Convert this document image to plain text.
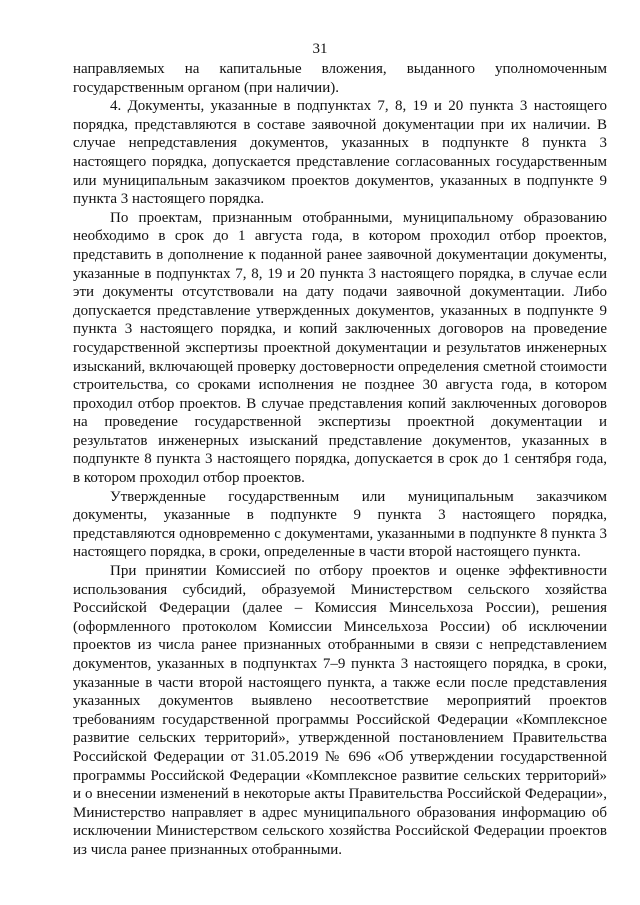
31

направляемых на капитальные вложения, выданного уполномоченным государственным органом (при наличии).

4. Документы, указанные в подпунктах 7, 8, 19 и 20 пункта 3 настоящего порядка, представляются в составе заявочной документации при их наличии. В случае непредставления документов, указанных в подпункте 8 пункта 3 настоящего порядка, допускается представление согласованных государственным или муниципальным заказчиком проектов документов, указанных в подпункте 9 пункта 3 настоящего порядка.

По проектам, признанным отобранными, муниципальному образованию необходимо в срок до 1 августа года, в котором проходил отбор проектов, представить в дополнение к поданной ранее заявочной документации документы, указанные в подпунктах 7, 8, 19 и 20 пункта 3 настоящего порядка, в случае если эти документы отсутствовали на дату подачи заявочной документации. Либо допускается представление утвержденных документов, указанных в подпункте 9 пункта 3 настоящего порядка, и копий заключенных договоров на проведение государственной экспертизы проектной документации и результатов инженерных изысканий, включающей проверку достоверности определения сметной стоимости строительства, со сроками исполнения не позднее 30 августа года, в котором проходил отбор проектов. В случае представления копий заключенных договоров на проведение государственной экспертизы проектной документации и результатов инженерных изысканий представление документов, указанных в подпункте 8 пункта 3 настоящего порядка, допускается в срок до 1 сентября года, в котором проходил отбор проектов.

Утвержденные государственным или муниципальным заказчиком документы, указанные в подпункте 9 пункта 3 настоящего порядка, представляются одновременно с документами, указанными в подпункте 8 пункта 3 настоящего порядка, в сроки, определенные в части второй настоящего пункта.

При принятии Комиссией по отбору проектов и оценке эффективности использования субсидий, образуемой Министерством сельского хозяйства Российской Федерации (далее – Комиссия Минсельхоза России), решения (оформленного протоколом Комиссии Минсельхоза России) об исключении проектов из числа ранее признанных отобранными в связи с непредставлением документов, указанных в подпунктах 7–9 пункта 3 настоящего порядка, в сроки, указанные в части второй настоящего пункта, а также если после представления указанных документов выявлено несоответствие мероприятий проектов требованиям государственной программы Российской Федерации «Комплексное развитие сельских территорий», утвержденной постановлением Правительства Российской Федерации от 31.05.2019 № 696 «Об утверждении государственной программы Российской Федерации «Комплексное развитие сельских территорий» и о внесении изменений в некоторые акты Правительства Российской Федерации», Министерство направляет в адрес муниципального образования информацию об исключении Министерством сельского хозяйства Российской Федерации проектов из числа ранее признанных отобранными.
